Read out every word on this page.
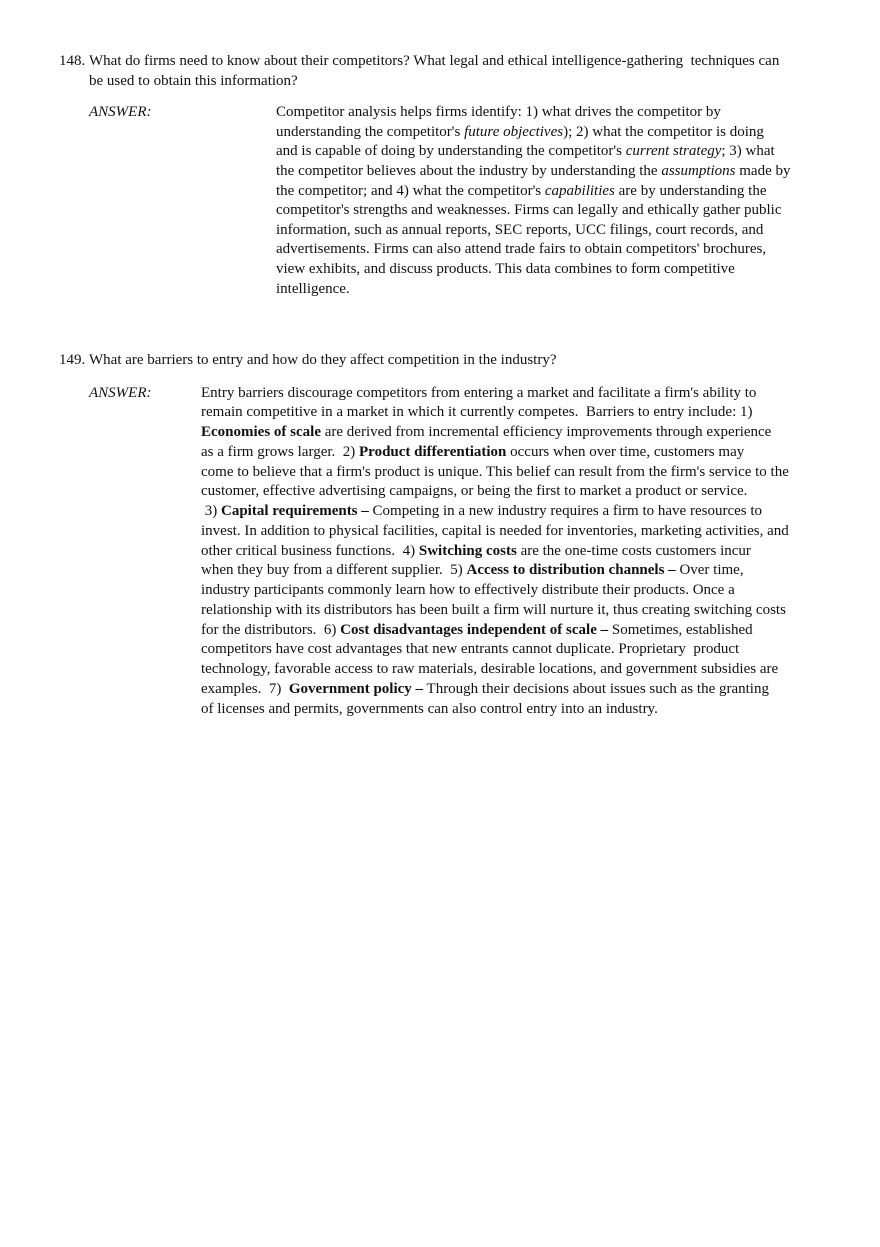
148. What do firms need to know about their competitors? What legal and ethical intelligence-gathering  techniques can
be used to obtain this information?
ANSWER:	Competitor analysis helps firms identify: 1) what drives the competitor by
understanding the competitor's future objectives); 2) what the competitor is doing
and is capable of doing by understanding the competitor's current strategy; 3) what
the competitor believes about the industry by understanding the assumptions made by
the competitor; and 4) what the competitor's capabilities are by understanding the
competitor's strengths and weaknesses. Firms can legally and ethically gather public
information, such as annual reports, SEC reports, UCC filings, court records, and
advertisements. Firms can also attend trade fairs to obtain competitors' brochures,
view exhibits, and discuss products. This data combines to form competitive
intelligence.
149. What are barriers to entry and how do they affect competition in the industry?
ANSWER:	Entry barriers discourage competitors from entering a market and facilitate a firm's ability to
remain competitive in a market in which it currently competes.  Barriers to entry include: 1)
Economies of scale are derived from incremental efficiency improvements through experience
as a firm grows larger.  2) Product differentiation occurs when over time, customers may
come to believe that a firm's product is unique. This belief can result from the firm's service to the
customer, effective advertising campaigns, or being the first to market a product or service.
3) Capital requirements – Competing in a new industry requires a firm to have resources to
invest. In addition to physical facilities, capital is needed for inventories, marketing activities, and
other critical business functions.  4) Switching costs are the one-time costs customers incur
when they buy from a different supplier.  5) Access to distribution channels – Over time,
industry participants commonly learn how to effectively distribute their products. Once a
relationship with its distributors has been built a firm will nurture it, thus creating switching costs
for the distributors.  6) Cost disadvantages independent of scale – Sometimes, established
competitors have cost advantages that new entrants cannot duplicate. Proprietary  product
technology, favorable access to raw materials, desirable locations, and government subsidies are
examples.  7)  Government policy – Through their decisions about issues such as the granting
of licenses and permits, governments can also control entry into an industry.
